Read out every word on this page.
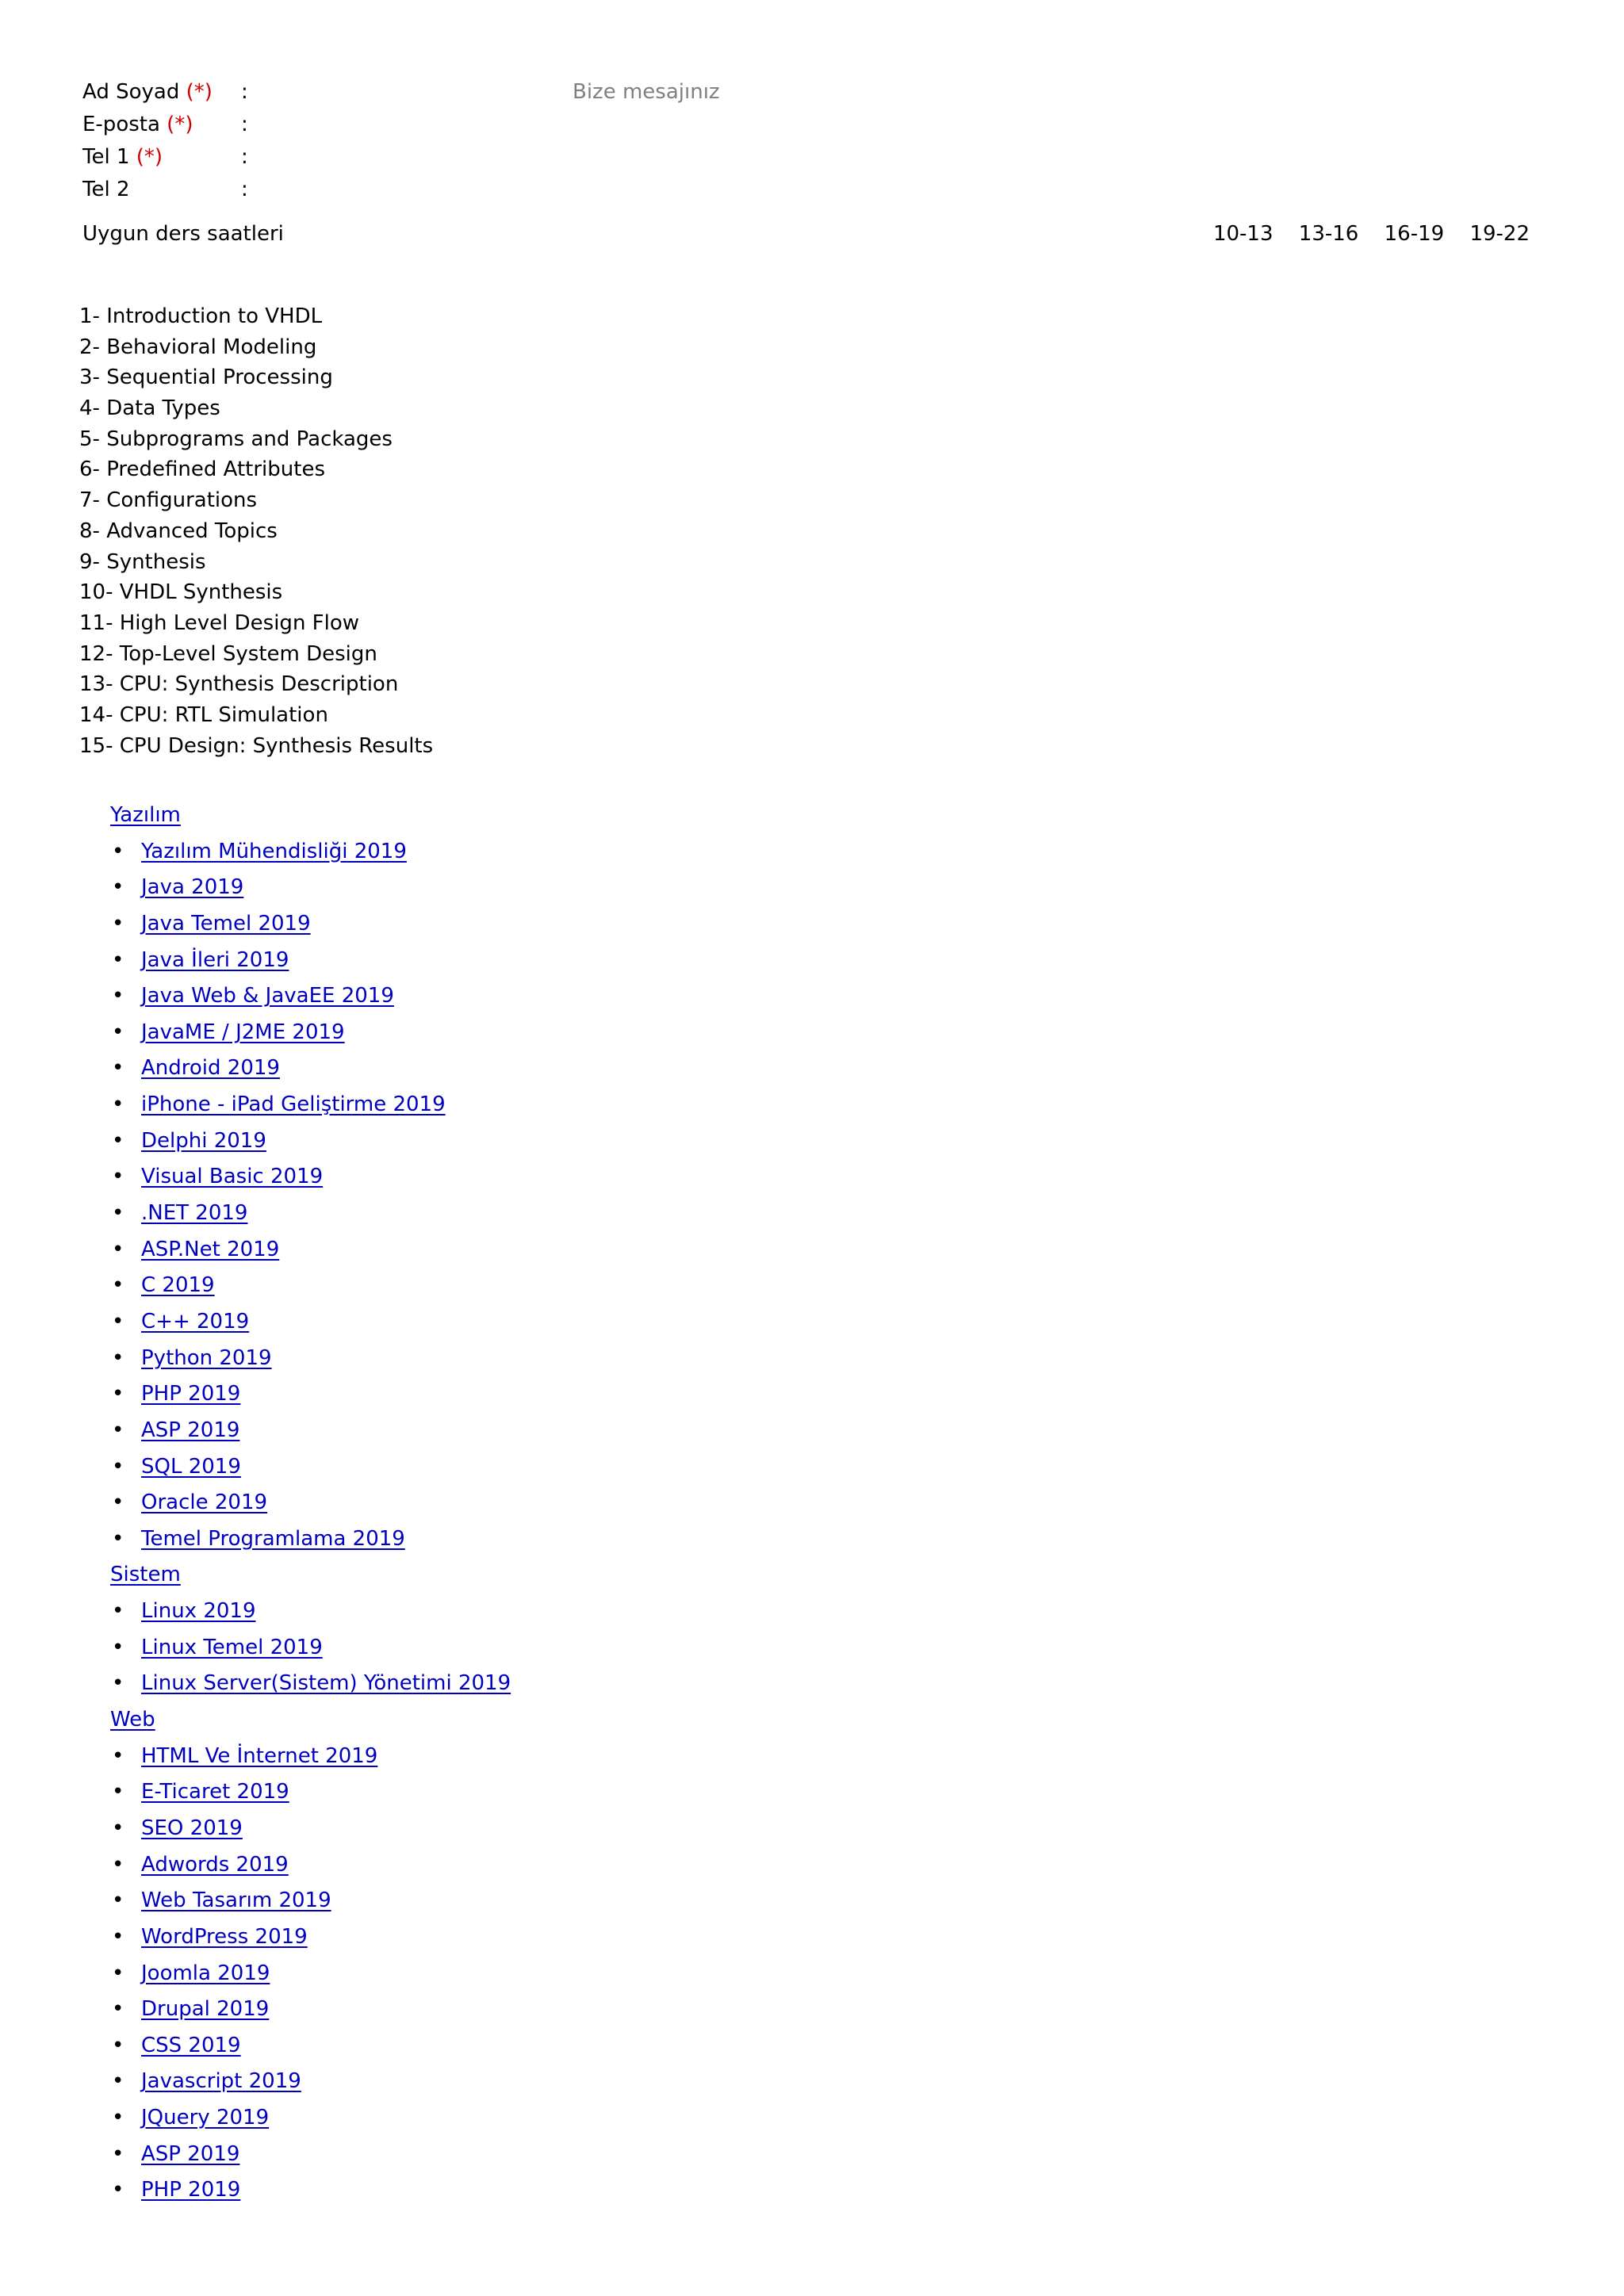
Ad Soyad (*) :
E-posta (*) :
Tel 1 (*)	:
Tel 2	:
Bize mesajınız
Uygun ders saatleri	10-13 13-16 16-19 19-22
1- Introduction to VHDL
2- Behavioral Modeling
3- Sequential Processing
4- Data Types
5- Subprograms and Packages
6- Predefined Attributes
7- Configurations
8- Advanced Topics
9- Synthesis
10- VHDL Synthesis
11- High Level Design Flow
12- Top-Level System Design
13- CPU: Synthesis Description
14- CPU: RTL Simulation
15- CPU Design: Synthesis Results
Yazılım
• Yazılım Mühendisliği 2019
• Java 2019
• Java Temel 2019
• Java İleri 2019
• Java Web & JavaEE 2019
• JavaME / J2ME 2019
• Android 2019
• iPhone - iPad Geliştirme 2019
• Delphi 2019
• Visual Basic 2019
• .NET 2019
• ASP.Net 2019
• C 2019
• C++ 2019
• Python 2019
• PHP 2019
• ASP 2019
• SQL 2019
• Oracle 2019
• Temel Programlama 2019
Sistem
• Linux 2019
• Linux Temel 2019
• Linux Server(Sistem) Yönetimi 2019
Web
• HTML Ve İnternet 2019
• E-Ticaret 2019
• SEO 2019
• Adwords 2019
• Web Tasarım 2019
• WordPress 2019
• Joomla 2019
• Drupal 2019
• CSS 2019
• Javascript 2019
• JQuery 2019
• ASP 2019
• PHP 2019
